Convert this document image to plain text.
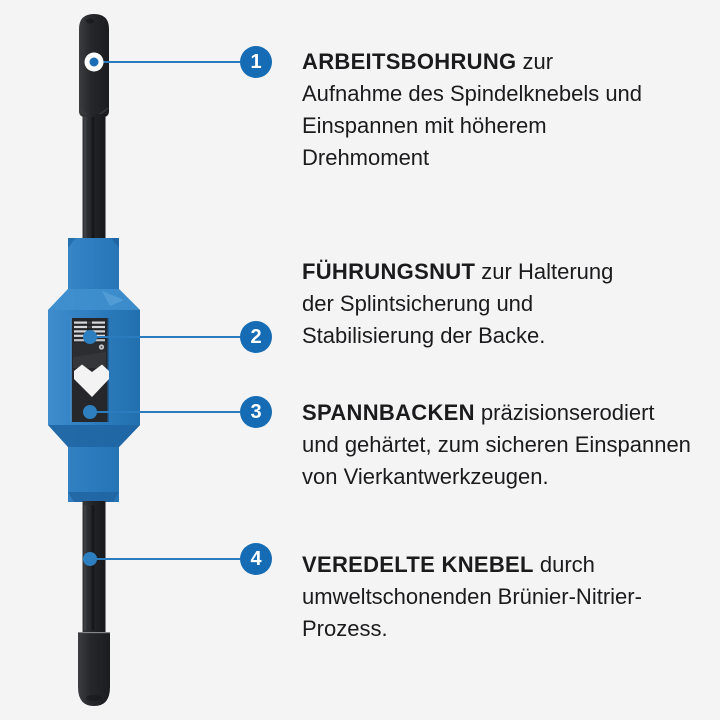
1
2
3
4
ARBEITSBOHRUNG zur
Aufnahme des Spindelknebels und
Einspannen mit höherem
Drehmoment
FÜHRUNGSNUT zur Halterung
der Splintsicherung und
Stabilisierung der Backe.
SPANNBACKEN präzisionserodiert
und gehärtet, zum sicheren Einspannen
von Vierkantwerkzeugen.
VEREDELTE KNEBEL durch
umweltschonenden Brünier-Nitrier-
Prozess.
